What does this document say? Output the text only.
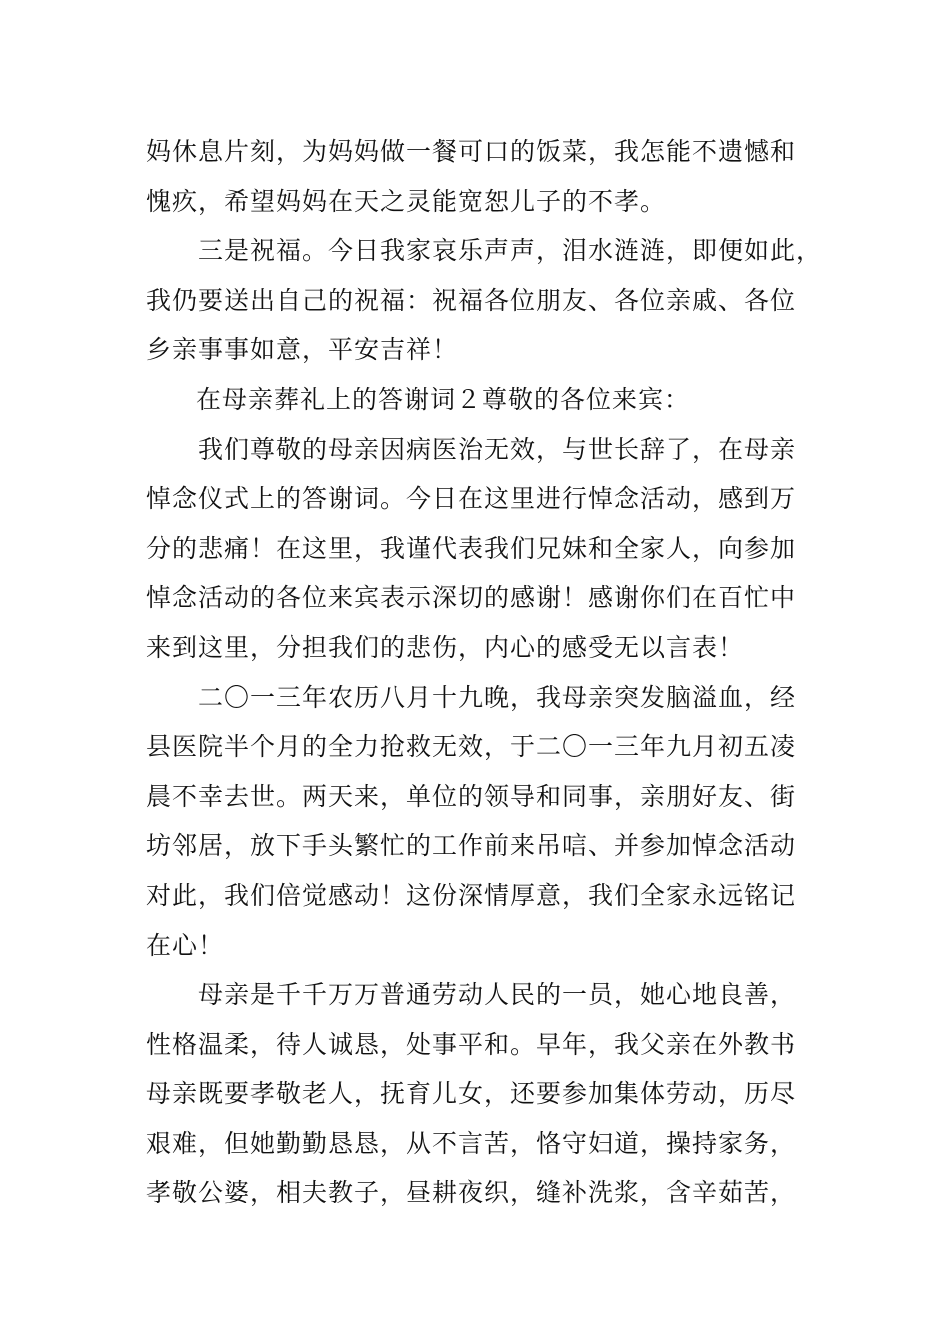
妈休息片刻，为妈妈做一餐可口的饭菜，我怎能不遗憾和
愧疚，希望妈妈在天之灵能宽恕儿子的不孝。
三是祝福。今日我家哀乐声声，泪水涟涟，即便如此，
我仍要送出自己的祝福：祝福各位朋友、各位亲戚、各位
乡亲事事如意，平安吉祥！
在母亲葬礼上的答谢词２尊敬的各位来宾：
我们尊敬的母亲因病医治无效，与世长辞了，在母亲
悼念仪式上的答谢词。今日在这里进行悼念活动，感到万
分的悲痛！在这里，我谨代表我们兄妹和全家人，向参加
悼念活动的各位来宾表示深切的感谢！感谢你们在百忙中
来到这里，分担我们的悲伤，内心的感受无以言表！
二〇一三年农历八月十九晚，我母亲突发脑溢血，经
县医院半个月的全力抢救无效，于二〇一三年九月初五凌
晨不幸去世。两天来，单位的领导和同事，亲朋好友、街
坊邻居，放下手头繁忙的工作前来吊唁、并参加悼念活动
对此，我们倍觉感动！这份深情厚意，我们全家永远铭记
在心！
母亲是千千万万普通劳动人民的一员，她心地良善，
性格温柔，待人诚恳，处事平和。早年，我父亲在外教书
母亲既要孝敬老人，抚育儿女，还要参加集体劳动，历尽
艰难，但她勤勤恳恳，从不言苦，恪守妇道，操持家务，
孝敬公婆，相夫教子，昼耕夜织，缝补洗浆，含辛茹苦，
